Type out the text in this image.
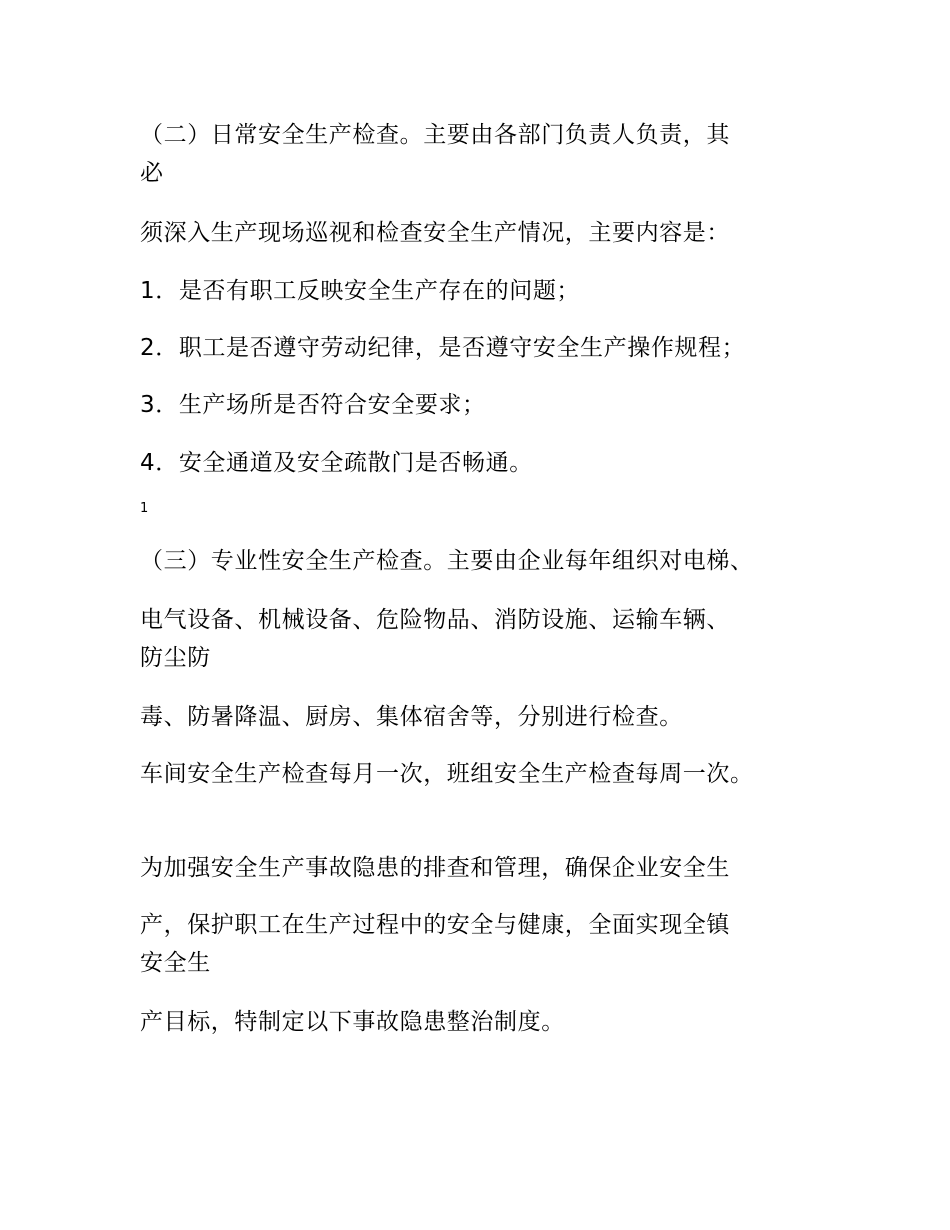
（二）日常安全生产检查。主要由各部门负责人负责，其
必
须深入生产现场巡视和检查安全生产情况，主要内容是：
1．是否有职工反映安全生产存在的问题；
2．职工是否遵守劳动纪律，是否遵守安全生产操作规程；
3．生产场所是否符合安全要求；
4．安全通道及安全疏散门是否畅通。
1
（三）专业性安全生产检查。主要由企业每年组织对电梯、
电气设备、机械设备、危险物品、消防设施、运输车辆、
防尘防
毒、防暑降温、厨房、集体宿舍等，分别进行检查。
车间安全生产检查每月一次，班组安全生产检查每周一次。
为加强安全生产事故隐患的排查和管理，确保企业安全生
产，保护职工在生产过程中的安全与健康，全面实现全镇
安全生
产目标，特制定以下事故隐患整治制度。
